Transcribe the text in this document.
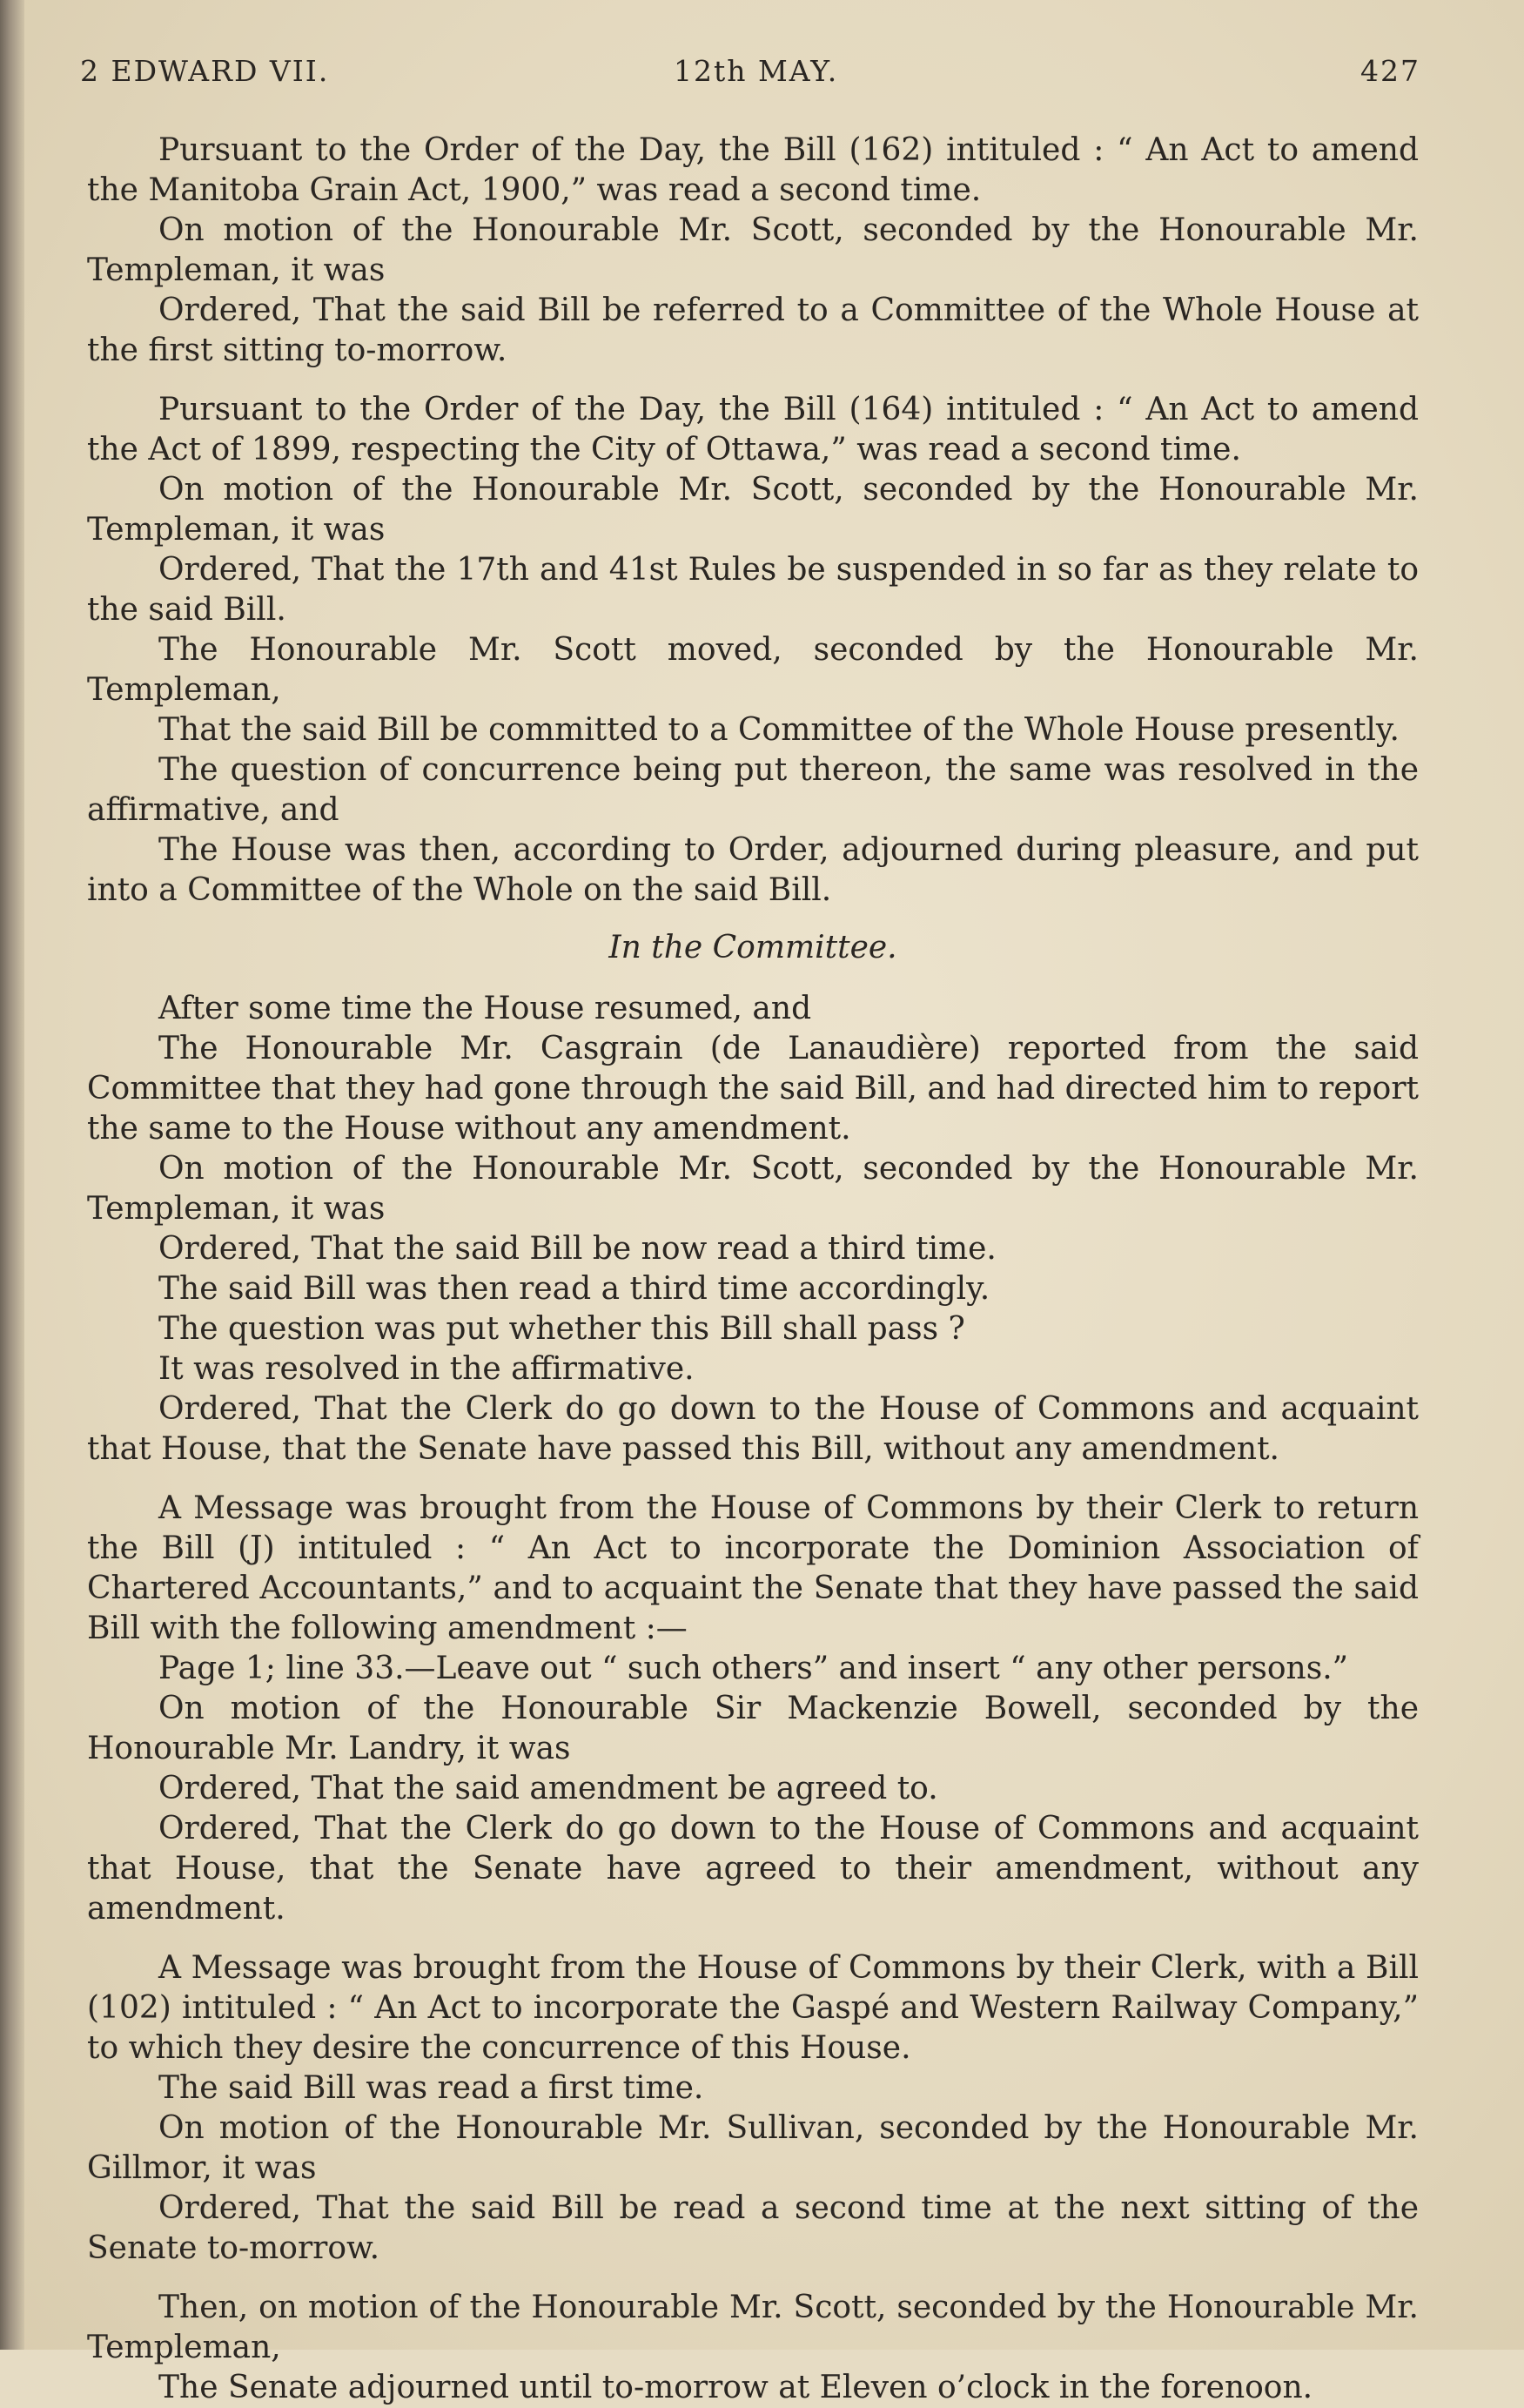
2 EDWARD VII.	12th MAY.	427

Pursuant to the Order of the Day, the Bill (162) intituled : “ An Act to amend the Manitoba Grain Act, 1900,” was read a second time.

On motion of the Honourable Mr. Scott, seconded by the Honourable Mr. Templeman, it was

Ordered, That the said Bill be referred to a Committee of the Whole House at the first sitting to-morrow.

Pursuant to the Order of the Day, the Bill (164) intituled : “ An Act to amend the Act of 1899, respecting the City of Ottawa,” was read a second time.

On motion of the Honourable Mr. Scott, seconded by the Honourable Mr. Templeman, it was

Ordered, That the 17th and 41st Rules be suspended in so far as they relate to the said Bill.

The Honourable Mr. Scott moved, seconded by the Honourable Mr. Templeman,

That the said Bill be committed to a Committee of the Whole House presently.

The question of concurrence being put thereon, the same was resolved in the affirmative, and

The House was then, according to Order, adjourned during pleasure, and put into a Committee of the Whole on the said Bill.

In the Committee.

After some time the House resumed, and

The Honourable Mr. Casgrain (de Lanaudière) reported from the said Committee that they had gone through the said Bill, and had directed him to report the same to the House without any amendment.

On motion of the Honourable Mr. Scott, seconded by the Honourable Mr. Templeman, it was

Ordered, That the said Bill be now read a third time.

The said Bill was then read a third time accordingly.

The question was put whether this Bill shall pass ?

It was resolved in the affirmative.

Ordered, That the Clerk do go down to the House of Commons and acquaint that House, that the Senate have passed this Bill, without any amendment.

A Message was brought from the House of Commons by their Clerk to return the Bill (J) intituled : “ An Act to incorporate the Dominion Association of Chartered Accountants,” and to acquaint the Senate that they have passed the said Bill with the following amendment :—

Page 1; line 33.—Leave out “ such others” and insert “ any other persons.”

On motion of the Honourable Sir Mackenzie Bowell, seconded by the Honourable Mr. Landry, it was

Ordered, That the said amendment be agreed to.

Ordered, That the Clerk do go down to the House of Commons and acquaint that House, that the Senate have agreed to their amendment, without any amendment.

A Message was brought from the House of Commons by their Clerk, with a Bill (102) intituled : “ An Act to incorporate the Gaspé and Western Railway Company,” to which they desire the concurrence of this House.

The said Bill was read a first time.

On motion of the Honourable Mr. Sullivan, seconded by the Honourable Mr. Gillmor, it was

Ordered, That the said Bill be read a second time at the next sitting of the Senate to-morrow.

Then, on motion of the Honourable Mr. Scott, seconded by the Honourable Mr. Templeman,

The Senate adjourned until to-morrow at Eleven o’clock in the forenoon.
